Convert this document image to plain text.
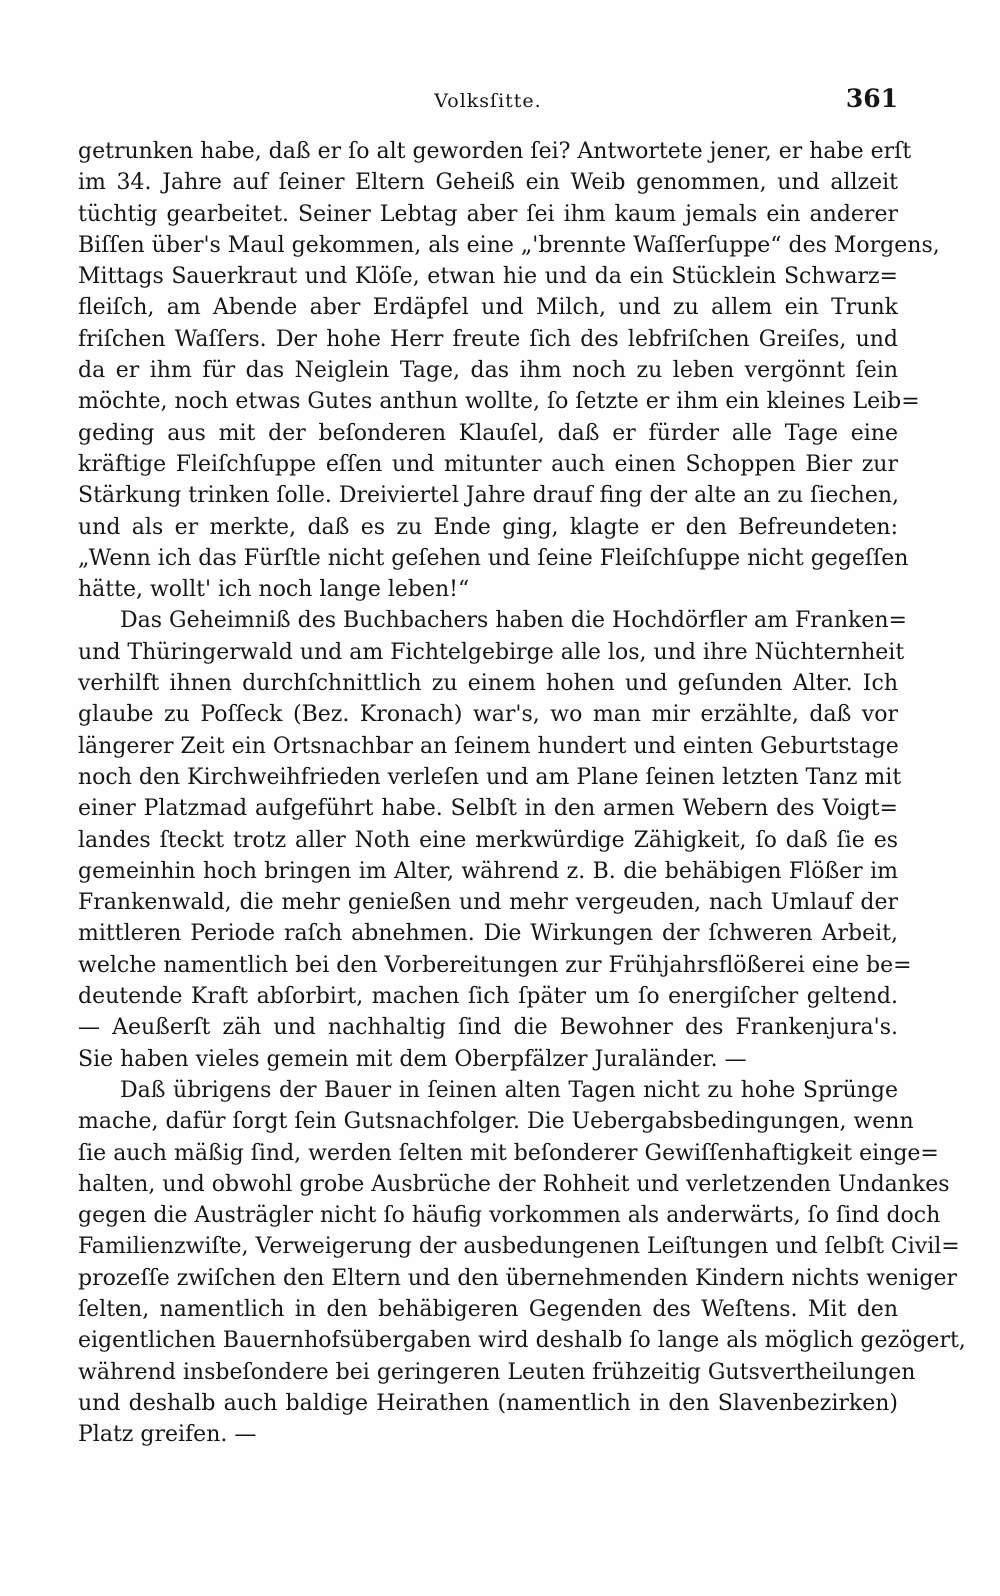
Volksſitte.	361
getrunken habe, daß er ſo alt geworden ſei? Antwortete jener, er habe erſt
im 34. Jahre auf ſeiner Eltern Geheiß ein Weib genommen, und allzeit
tüchtig gearbeitet. Seiner Lebtag aber ſei ihm kaum jemals ein anderer
Biſſen über's Maul gekommen, als eine „'brennte Waſſerſuppe“ des Morgens,
Mittags Sauerkraut und Klöſe, etwan hie und da ein Stücklein Schwarz=
fleiſch, am Abende aber Erdäpfel und Milch, und zu allem ein Trunk
friſchen Waſſers. Der hohe Herr freute ſich des lebfriſchen Greiſes, und
da er ihm für das Neiglein Tage, das ihm noch zu leben vergönnt ſein
möchte, noch etwas Gutes anthun wollte, ſo ſetzte er ihm ein kleines Leib=
geding aus mit der beſonderen Klauſel, daß er fürder alle Tage eine
kräftige Fleiſchſuppe eſſen und mitunter auch einen Schoppen Bier zur
Stärkung trinken ſolle. Dreiviertel Jahre drauf fing der alte an zu ſiechen,
und als er merkte, daß es zu Ende ging, klagte er den Befreundeten:
„Wenn ich das Fürſtle nicht geſehen und ſeine Fleiſchſuppe nicht gegeſſen
hätte, wollt' ich noch lange leben!“
Das Geheimniß des Buchbachers haben die Hochdörfler am Franken=
und Thüringerwald und am Fichtelgebirge alle los, und ihre Nüchternheit
verhilft ihnen durchſchnittlich zu einem hohen und geſunden Alter. Ich
glaube zu Poſſeck (Bez. Kronach) war's, wo man mir erzählte, daß vor
längerer Zeit ein Ortsnachbar an ſeinem hundert und einten Geburtstage
noch den Kirchweihfrieden verleſen und am Plane ſeinen letzten Tanz mit
einer Platzmad aufgeführt habe. Selbſt in den armen Webern des Voigt=
landes ſteckt trotz aller Noth eine merkwürdige Zähigkeit, ſo daß ſie es
gemeinhin hoch bringen im Alter, während z. B. die behäbigen Flößer im
Frankenwald, die mehr genießen und mehr vergeuden, nach Umlauf der
mittleren Periode raſch abnehmen. Die Wirkungen der ſchweren Arbeit,
welche namentlich bei den Vorbereitungen zur Frühjahrsflößerei eine be=
deutende Kraft abſorbirt, machen ſich ſpäter um ſo energiſcher geltend.
— Aeußerſt zäh und nachhaltig ſind die Bewohner des Frankenjura's.
Sie haben vieles gemein mit dem Oberpfälzer Juraländer. —
Daß übrigens der Bauer in ſeinen alten Tagen nicht zu hohe Sprünge
mache, dafür ſorgt ſein Gutsnachfolger. Die Uebergabsbedingungen, wenn
ſie auch mäßig ſind, werden ſelten mit beſonderer Gewiſſenhaftigkeit einge=
halten, und obwohl grobe Ausbrüche der Rohheit und verletzenden Undankes
gegen die Austrägler nicht ſo häufig vorkommen als anderwärts, ſo ſind doch
Familienzwiſte, Verweigerung der ausbedungenen Leiſtungen und ſelbſt Civil=
prozeſſe zwiſchen den Eltern und den übernehmenden Kindern nichts weniger
ſelten, namentlich in den behäbigeren Gegenden des Weſtens. Mit den
eigentlichen Bauernhofsübergaben wird deshalb ſo lange als möglich gezögert,
während insbeſondere bei geringeren Leuten frühzeitig Gutsvertheilungen
und deshalb auch baldige Heirathen (namentlich in den Slavenbezirken)
Platz greifen. —
